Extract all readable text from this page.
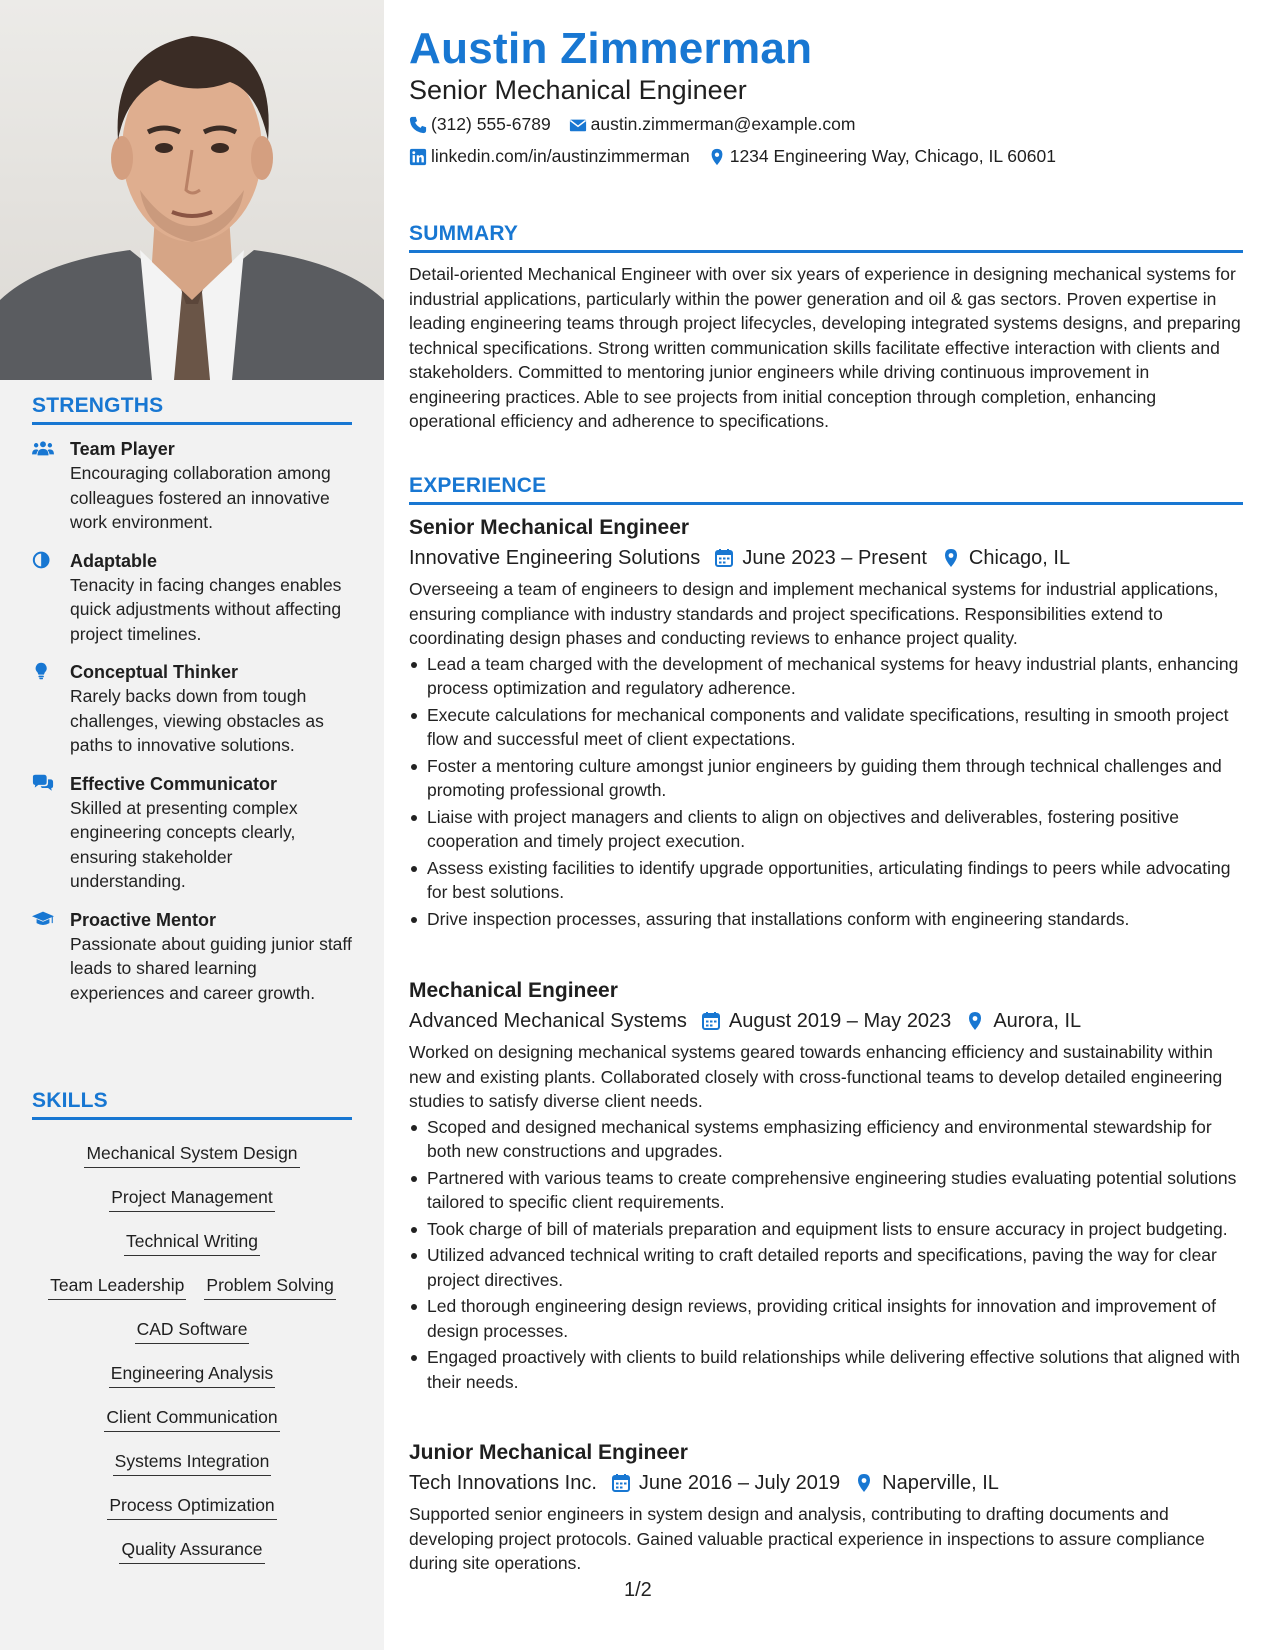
STRENGTHS
Team Player
Encouraging collaboration among colleagues fostered an innovative work environment.
Adaptable
Tenacity in facing changes enables quick adjustments without affecting project timelines.
Conceptual Thinker
Rarely backs down from tough challenges, viewing obstacles as paths to innovative solutions.
Effective Communicator
Skilled at presenting complex engineering concepts clearly, ensuring stakeholder understanding.
Proactive Mentor
Passionate about guiding junior staff leads to shared learning experiences and career growth.
SKILLS
Mechanical System Design
Project Management
Technical Writing
Team Leadership Problem Solving
CAD Software
Engineering Analysis
Client Communication
Systems Integration
Process Optimization
Quality Assurance
Austin Zimmerman
Senior Mechanical Engineer
(312) 555-6789 austin.zimmerman@example.com
linkedin.com/in/austinzimmerman 1234 Engineering Way, Chicago, IL 60601
SUMMARY
Detail-oriented Mechanical Engineer with over six years of experience in designing mechanical systems for industrial applications, particularly within the power generation and oil & gas sectors. Proven expertise in leading engineering teams through project lifecycles, developing integrated systems designs, and preparing technical specifications. Strong written communication skills facilitate effective interaction with clients and stakeholders. Committed to mentoring junior engineers while driving continuous improvement in engineering practices. Able to see projects from initial conception through completion, enhancing operational efficiency and adherence to specifications.
EXPERIENCE
Senior Mechanical Engineer
Innovative Engineering Solutions June 2023 – Present Chicago, IL
Overseeing a team of engineers to design and implement mechanical systems for industrial applications, ensuring compliance with industry standards and project specifications. Responsibilities extend to coordinating design phases and conducting reviews to enhance project quality.
Lead a team charged with the development of mechanical systems for heavy industrial plants, enhancing process optimization and regulatory adherence.
Execute calculations for mechanical components and validate specifications, resulting in smooth project flow and successful meet of client expectations.
Foster a mentoring culture amongst junior engineers by guiding them through technical challenges and promoting professional growth.
Liaise with project managers and clients to align on objectives and deliverables, fostering positive cooperation and timely project execution.
Assess existing facilities to identify upgrade opportunities, articulating findings to peers while advocating for best solutions.
Drive inspection processes, assuring that installations conform with engineering standards.
Mechanical Engineer
Advanced Mechanical Systems August 2019 – May 2023 Aurora, IL
Worked on designing mechanical systems geared towards enhancing efficiency and sustainability within new and existing plants. Collaborated closely with cross-functional teams to develop detailed engineering studies to satisfy diverse client needs.
Scoped and designed mechanical systems emphasizing efficiency and environmental stewardship for both new constructions and upgrades.
Partnered with various teams to create comprehensive engineering studies evaluating potential solutions tailored to specific client requirements.
Took charge of bill of materials preparation and equipment lists to ensure accuracy in project budgeting.
Utilized advanced technical writing to craft detailed reports and specifications, paving the way for clear project directives.
Led thorough engineering design reviews, providing critical insights for innovation and improvement of design processes.
Engaged proactively with clients to build relationships while delivering effective solutions that aligned with their needs.
Junior Mechanical Engineer
Tech Innovations Inc. June 2016 – July 2019 Naperville, IL
Supported senior engineers in system design and analysis, contributing to drafting documents and developing project protocols. Gained valuable practical experience in inspections to assure compliance during site operations.
1/2
